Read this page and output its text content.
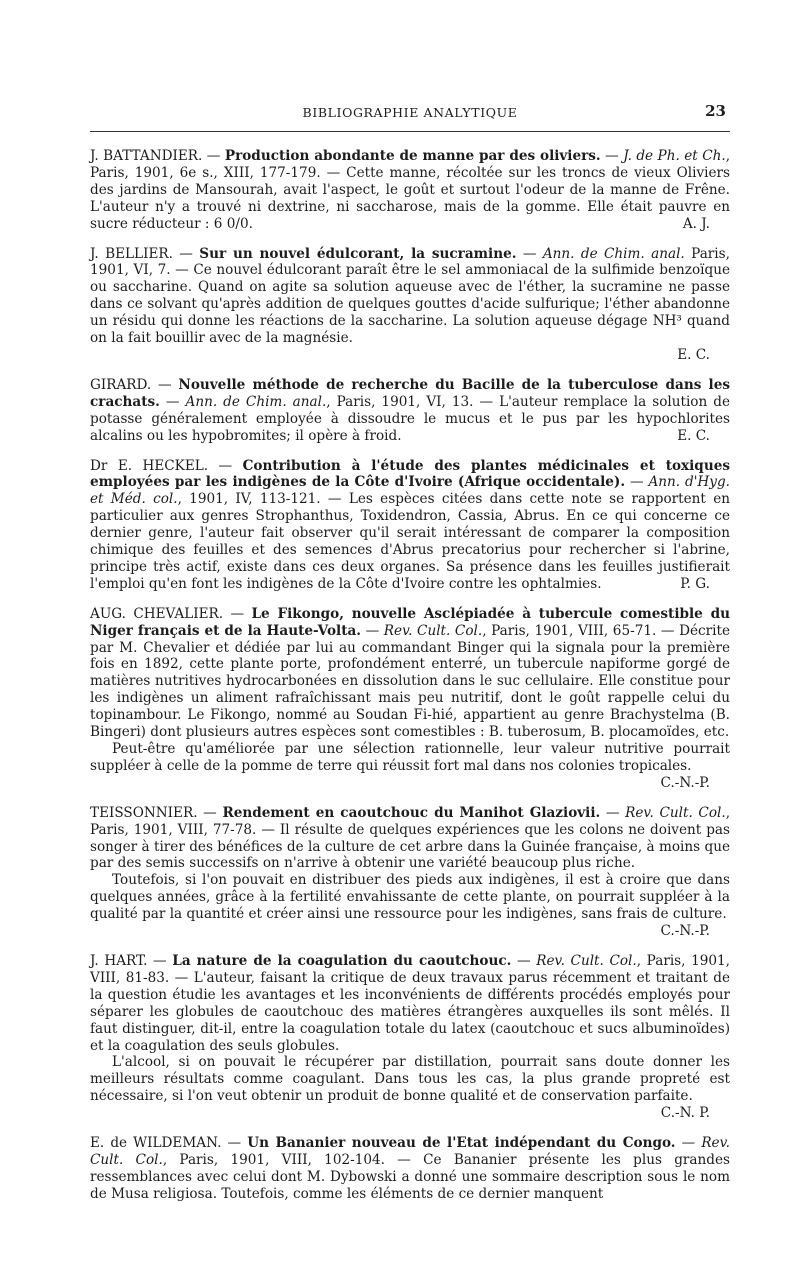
BIBLIOGRAPHIE ANALYTIQUE	23

J. BATTANDIER. — Production abondante de manne par des oliviers. — J. de Ph. et Ch., Paris, 1901, 6e s., XIII, 177-179. — Cette manne, récoltée sur les troncs de vieux Oliviers des jardins de Mansourah, avait l'aspect, le goût et surtout l'odeur de la manne de Frêne. L'auteur n'y a trouvé ni dextrine, ni saccharose, mais de la gomme. Elle était pauvre en sucre réducteur : 6 0/0.	A. J.

J. BELLIER. — Sur un nouvel édulcorant, la sucramine. — Ann. de Chim. anal. Paris, 1901, VI, 7. — Ce nouvel édulcorant paraît être le sel ammoniacal de la sulfimide benzoïque ou saccharine. Quand on agite sa solution aqueuse avec de l'éther, la sucramine ne passe dans ce solvant qu'après addition de quelques gouttes d'acide sulfurique; l'éther abandonne un résidu qui donne les réactions de la saccharine. La solution aqueuse dégage NH³ quand on la fait bouillir avec de la magnésie.

E. C.

GIRARD. — Nouvelle méthode de recherche du Bacille de la tuberculose dans les crachats. — Ann. de Chim. anal., Paris, 1901, VI, 13. — L'auteur remplace la solution de potasse généralement employée à dissoudre le mucus et le pus par les hypochlorites alcalins ou les hypobromites; il opère à froid.	E. C.

Dr E. HECKEL. — Contribution à l'étude des plantes médicinales et toxiques employées par les indigènes de la Côte d'Ivoire (Afrique occidentale). — Ann. d'Hyg. et Méd. col., 1901, IV, 113-121. — Les espèces citées dans cette note se rapportent en particulier aux genres Strophanthus, Toxidendron, Cassia, Abrus. En ce qui concerne ce dernier genre, l'auteur fait observer qu'il serait intéressant de comparer la composition chimique des feuilles et des semences d'Abrus precatorius pour rechercher si l'abrine, principe très actif, existe dans ces deux organes. Sa présence dans les feuilles justifierait l'emploi qu'en font les indigènes de la Côte d'Ivoire contre les ophtalmies.	P. G.

AUG. CHEVALIER. — Le Fikongo, nouvelle Asclépiadée à tubercule comestible du Niger français et de la Haute-Volta. — Rev. Cult. Col., Paris, 1901, VIII, 65-71. — Décrite par M. Chevalier et dédiée par lui au commandant Binger qui la signala pour la première fois en 1892, cette plante porte, profondément enterré, un tubercule napiforme gorgé de matières nutritives hydrocarbonées en dissolution dans le suc cellulaire. Elle constitue pour les indigènes un aliment rafraîchissant mais peu nutritif, dont le goût rappelle celui du topinambour. Le Fikongo, nommé au Soudan Fi-hié, appartient au genre Brachystelma (B. Bingeri) dont plusieurs autres espèces sont comestibles : B. tuberosum, B. plocamoïdes, etc.

Peut-être qu'améliorée par une sélection rationnelle, leur valeur nutritive pourrait suppléer à celle de la pomme de terre qui réussit fort mal dans nos colonies tropicales.
C.-N.-P.

TEISSONNIER. — Rendement en caoutchouc du Manihot Glaziovii. — Rev. Cult. Col., Paris, 1901, VIII, 77-78. — Il résulte de quelques expériences que les colons ne doivent pas songer à tirer des bénéfices de la culture de cet arbre dans la Guinée française, à moins que par des semis successifs on n'arrive à obtenir une variété beaucoup plus riche.

Toutefois, si l'on pouvait en distribuer des pieds aux indigènes, il est à croire que dans quelques années, grâce à la fertilité envahissante de cette plante, on pourrait suppléer à la qualité par la quantité et créer ainsi une ressource pour les indigènes, sans frais de culture.
C.-N.-P.

J. HART. — La nature de la coagulation du caoutchouc. — Rev. Cult. Col., Paris, 1901, VIII, 81-83. — L'auteur, faisant la critique de deux travaux parus récemment et traitant de la question étudie les avantages et les inconvénients de différents procédés employés pour séparer les globules de caoutchouc des matières étrangères auxquelles ils sont mêlés. Il faut distinguer, dit-il, entre la coagulation totale du latex (caoutchouc et sucs albuminoïdes) et la coagulation des seuls globules.

L'alcool, si on pouvait le récupérer par distillation, pourrait sans doute donner les meilleurs résultats comme coagulant. Dans tous les cas, la plus grande propreté est nécessaire, si l'on veut obtenir un produit de bonne qualité et de conservation parfaite.

C.-N. P.

E. de WILDEMAN. — Un Bananier nouveau de l'Etat indépendant du Congo. — Rev. Cult. Col., Paris, 1901, VIII, 102-104. — Ce Bananier présente les plus grandes ressemblances avec celui dont M. Dybowski a donné une sommaire description sous le nom de Musa religiosa. Toutefois, comme les éléments de ce dernier manquent
